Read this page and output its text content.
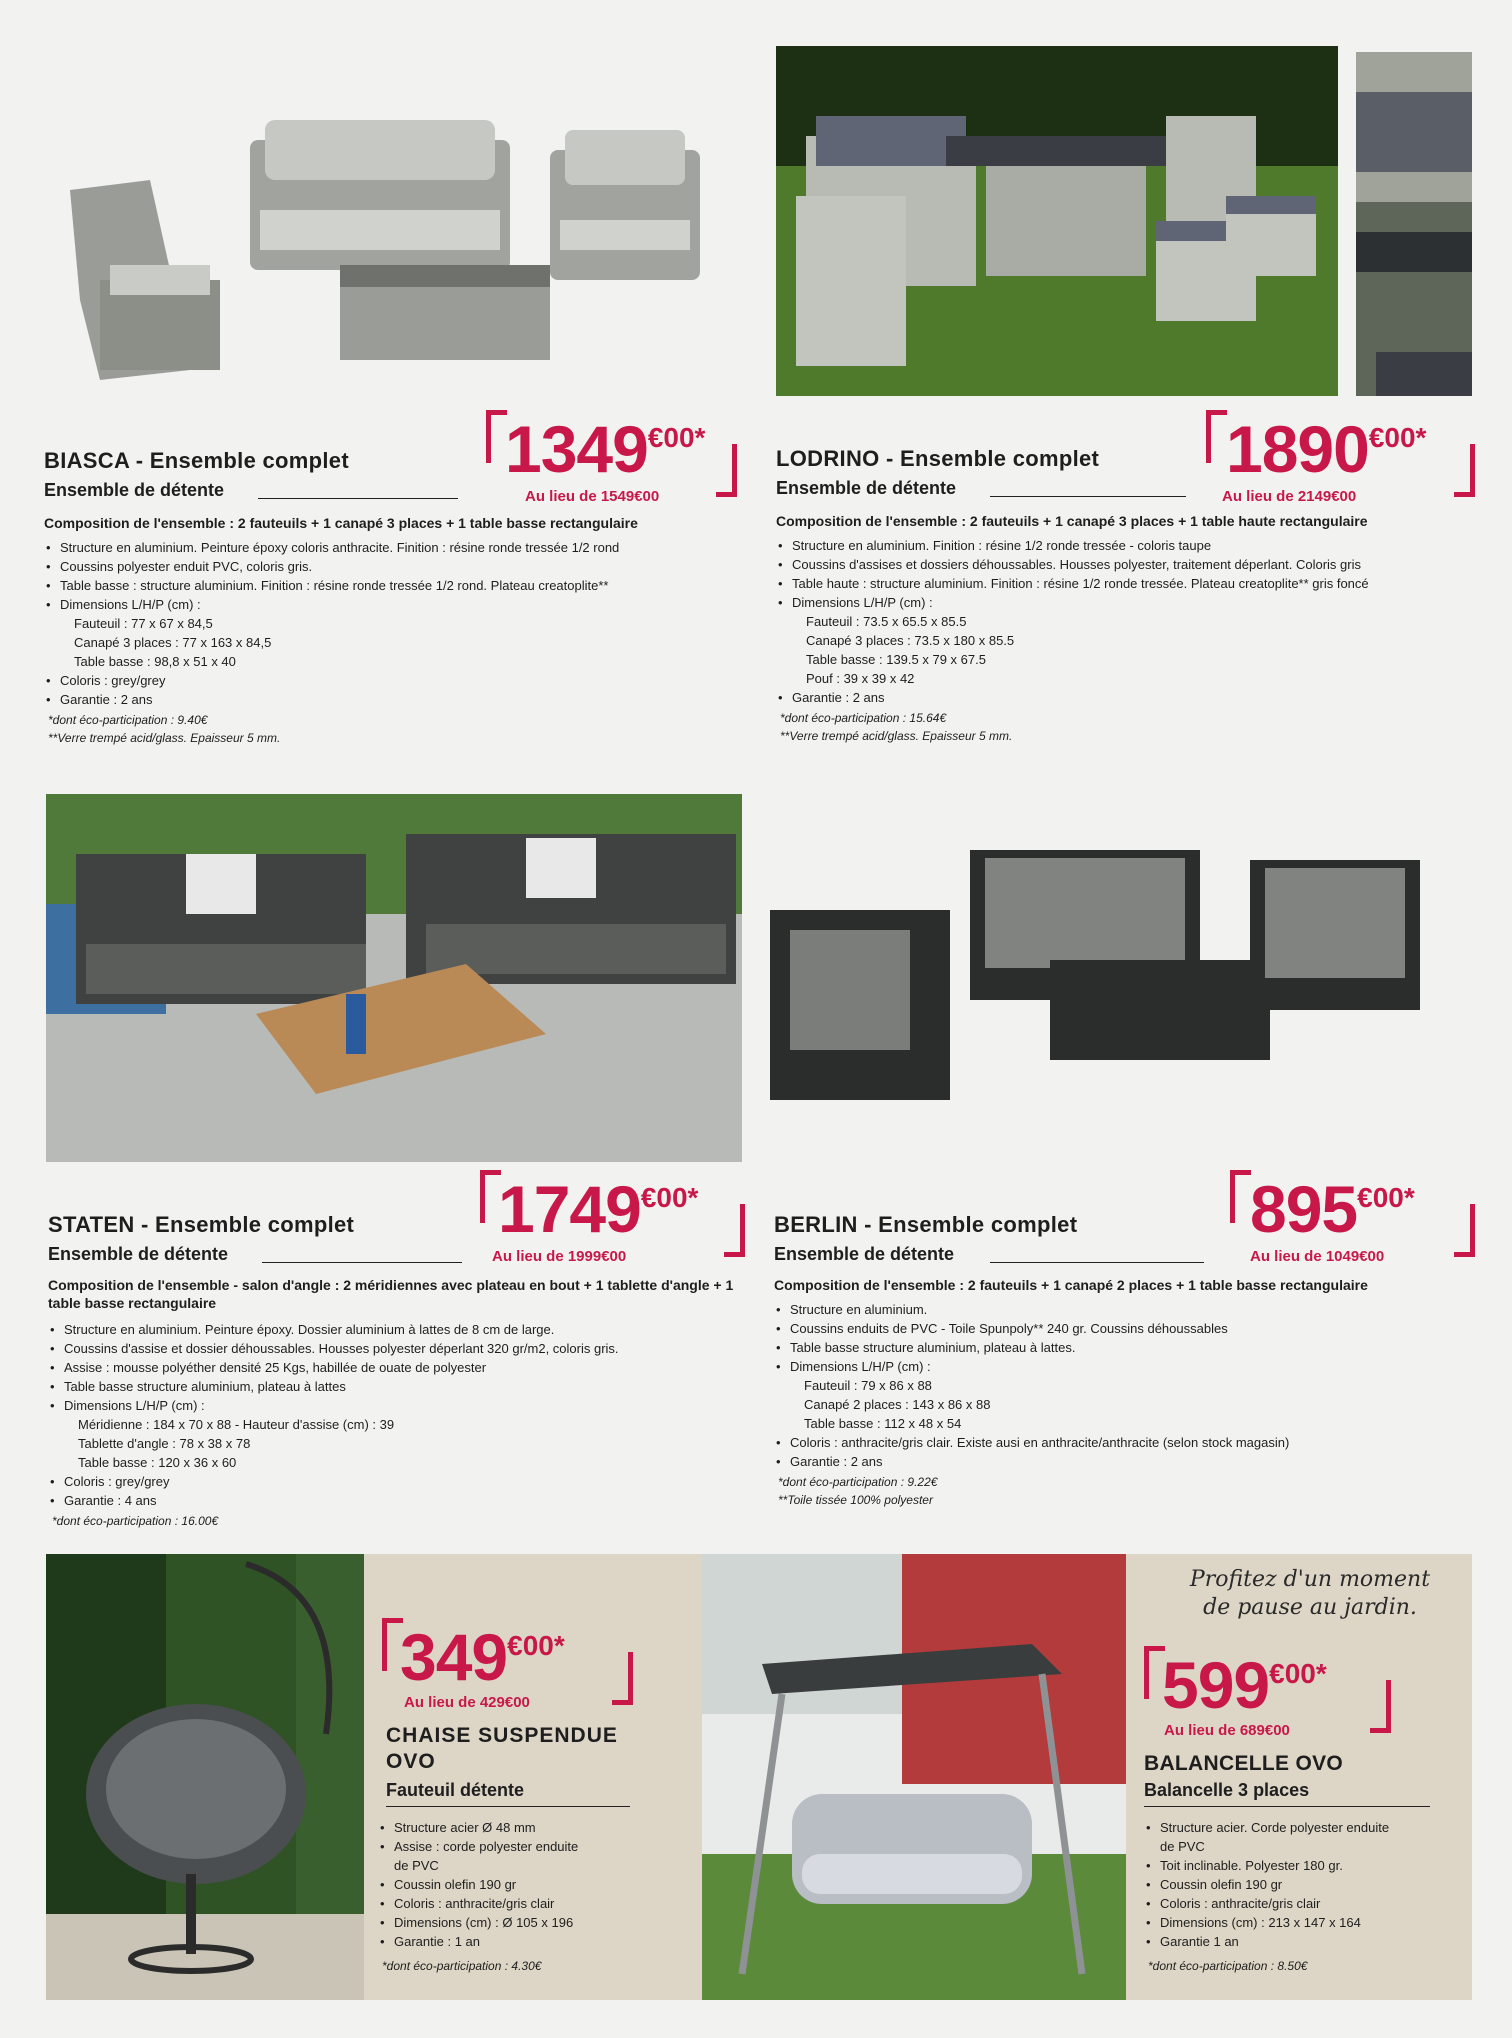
1349€00*
Au lieu de 1549€00
BIASCA - Ensemble complet
Ensemble de détente
Composition de l'ensemble : 2 fauteuils + 1 canapé 3 places + 1 table basse rectangulaire
• Structure en aluminium. Peinture époxy coloris anthracite. Finition : résine ronde tressée 1/2 rond
• Coussins polyester enduit PVC, coloris gris.
• Table basse : structure aluminium. Finition : résine ronde tressée 1/2 rond. Plateau creatoplite**
• Dimensions L/H/P (cm) :
Fauteuil : 77 x 67 x 84,5
Canapé 3 places : 77 x 163 x 84,5
Table basse : 98,8 x 51 x 40
• Coloris : grey/grey
• Garantie : 2 ans
*dont éco-participation : 9.40€
**Verre trempé acid/glass. Epaisseur 5 mm.
1890€00*
Au lieu de 2149€00
LODRINO - Ensemble complet
Ensemble de détente
Composition de l'ensemble : 2 fauteuils + 1 canapé 3 places + 1 table haute rectangulaire
• Structure en aluminium. Finition : résine 1/2 ronde tressée - coloris taupe
• Coussins d'assises et dossiers déhoussables. Housses polyester, traitement déperlant. Coloris gris
• Table haute : structure aluminium. Finition : résine 1/2 ronde tressée. Plateau creatoplite** gris foncé
• Dimensions L/H/P (cm) :
Fauteuil : 73.5 x 65.5 x 85.5
Canapé 3 places : 73.5 x 180 x 85.5
Table basse : 139.5 x 79 x 67.5
Pouf : 39 x 39 x 42
• Garantie : 2 ans
*dont éco-participation : 15.64€
**Verre trempé acid/glass. Epaisseur 5 mm.
1749€00*
Au lieu de 1999€00
STATEN - Ensemble complet
Ensemble de détente
Composition de l'ensemble - salon d'angle : 2 méridiennes avec plateau en bout + 1 tablette d'angle + 1 table basse rectangulaire
• Structure en aluminium. Peinture époxy. Dossier aluminium à lattes de 8 cm de large.
• Coussins d'assise et dossier déhoussables. Housses polyester déperlant 320 gr/m2, coloris gris.
• Assise : mousse polyéther densité 25 Kgs, habillée de ouate de polyester
• Table basse structure aluminium, plateau à lattes
• Dimensions L/H/P (cm) :
Méridienne : 184 x 70 x 88 - Hauteur d'assise (cm) : 39
Tablette d'angle : 78 x 38 x 78
Table basse : 120 x 36 x 60
• Coloris : grey/grey
• Garantie : 4 ans
*dont éco-participation : 16.00€
895€00*
Au lieu de 1049€00
BERLIN - Ensemble complet
Ensemble de détente
Composition de l'ensemble : 2 fauteuils + 1 canapé 2 places + 1 table basse rectangulaire
• Structure en aluminium.
• Coussins enduits de PVC - Toile Spunpoly** 240 gr. Coussins déhoussables
• Table basse structure aluminium, plateau à lattes.
• Dimensions L/H/P (cm) :
Fauteuil : 79 x 86 x 88
Canapé 2 places : 143 x 86 x 88
Table basse : 112 x 48 x 54
• Coloris : anthracite/gris clair. Existe ausi en anthracite/anthracite (selon stock magasin)
• Garantie : 2 ans
*dont éco-participation : 9.22€
**Toile tissée 100% polyester
349€00*
Au lieu de 429€00
CHAISE SUSPENDUE
OVO
Fauteuil détente
• Structure acier Ø 48 mm
• Assise : corde polyester enduite
de PVC
• Coussin olefin 190 gr
• Coloris : anthracite/gris clair
• Dimensions (cm) : Ø 105 x 196
• Garantie : 1 an
*dont éco-participation : 4.30€
Profitez d'un moment
de pause au jardin.
599€00*
Au lieu de 689€00
BALANCELLE OVO
Balancelle 3 places
• Structure acier. Corde polyester enduite
de PVC
• Toit inclinable. Polyester 180 gr.
• Coussin olefin 190 gr
• Coloris : anthracite/gris clair
• Dimensions (cm) : 213 x 147 x 164
• Garantie 1 an
*dont éco-participation : 8.50€
